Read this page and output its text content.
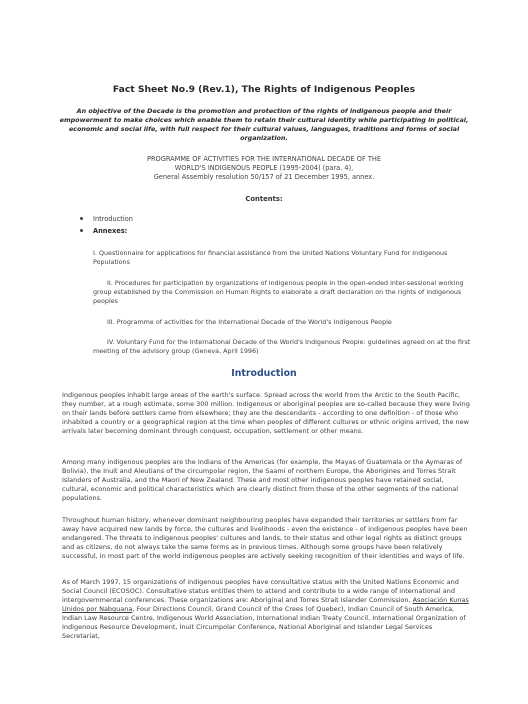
Fact Sheet No.9 (Rev.1), The Rights of Indigenous Peoples
An objective of the Decade is the promotion and protection of the rights of indigenous people and their empowerment to make choices which enable them to retain their cultural identity while participating in political, economic and social life, with full respect for their cultural values, languages, traditions and forms of social organization.
PROGRAMME OF ACTIVITIES FOR THE INTERNATIONAL DECADE OF THE
WORLD'S INDIGENOUS PEOPLE (1995-2004) (para. 4),
General Assembly resolution 50/157 of 21 December 1995, annex.
Contents:
Introduction
Annexes:
I. Questionnaire for applications for financial assistance from the United Nations Voluntary Fund for Indigenous Populations
II. Procedures for participation by organizations of indigenous people in the open-ended inter-sessional working group established by the Commission on Human Rights to elaborate a draft declaration on the rights of indigenous peoples
III. Programme of activities for the International Decade of the World's Indigenous People
IV. Voluntary Fund for the International Decade of the World's Indigenous People: guidelines agreed on at the first meeting of the advisory group (Geneva, April 1996)
Introduction
Indigenous peoples inhabit large areas of the earth's surface. Spread across the world from the Arctic to the South Pacific, they number, at a rough estimate, some 300 million. Indigenous or aboriginal peoples are so-called because they were living on their lands before settlers came from elsewhere; they are the descendants - according to one definition - of those who inhabited a country or a geographical region at the time when peoples of different cultures or ethnic origins arrived, the new arrivals later becoming dominant through conquest, occupation, settlement or other means.
Among many indigenous peoples are the Indians of the Americas (for example, the Mayas of Guatemala or the Aymaras of Bolivia), the Inuit and Aleutians of the circumpolar region, the Saami of northern Europe, the Aborigines and Torres Strait Islanders of Australia, and the Maori of New Zealand. These and most other indigenous peoples have retained social, cultural, economic and political characteristics which are clearly distinct from those of the other segments of the national populations.
Throughout human history, whenever dominant neighbouring peoples have expanded their territories or settlers from far away have acquired new lands by force, the cultures and livelihoods - even the existence - of indigenous peoples have been endangered. The threats to indigenous peoples' cultures and lands, to their status and other legal rights as distinct groups and as citizens, do not always take the same forms as in previous times. Although some groups have been relatively successful, in most part of the world indigenous peoples are actively seeking recognition of their identities and ways of life.
As of March 1997, 15 organizations of indigenous peoples have consultative status with the United Nations Economic and Social Council (ECOSOC). Consultative status entitles them to attend and contribute to a wide range of international and intergovernmental conferences. These organizations are: Aboriginal and Torres Strait Islander Commission, Asociación Kunas Unidos por Nabguana, Four Directions Council, Grand Council of the Crees (of Quebec), Indian Council of South America, Indian Law Resource Centre, Indigenous World Association, International Indian Treaty Council, International Organization of Indigenous Resource Development, Inuit Circumpolar Conference, National Aboriginal and Islander Legal Services Secretariat,
